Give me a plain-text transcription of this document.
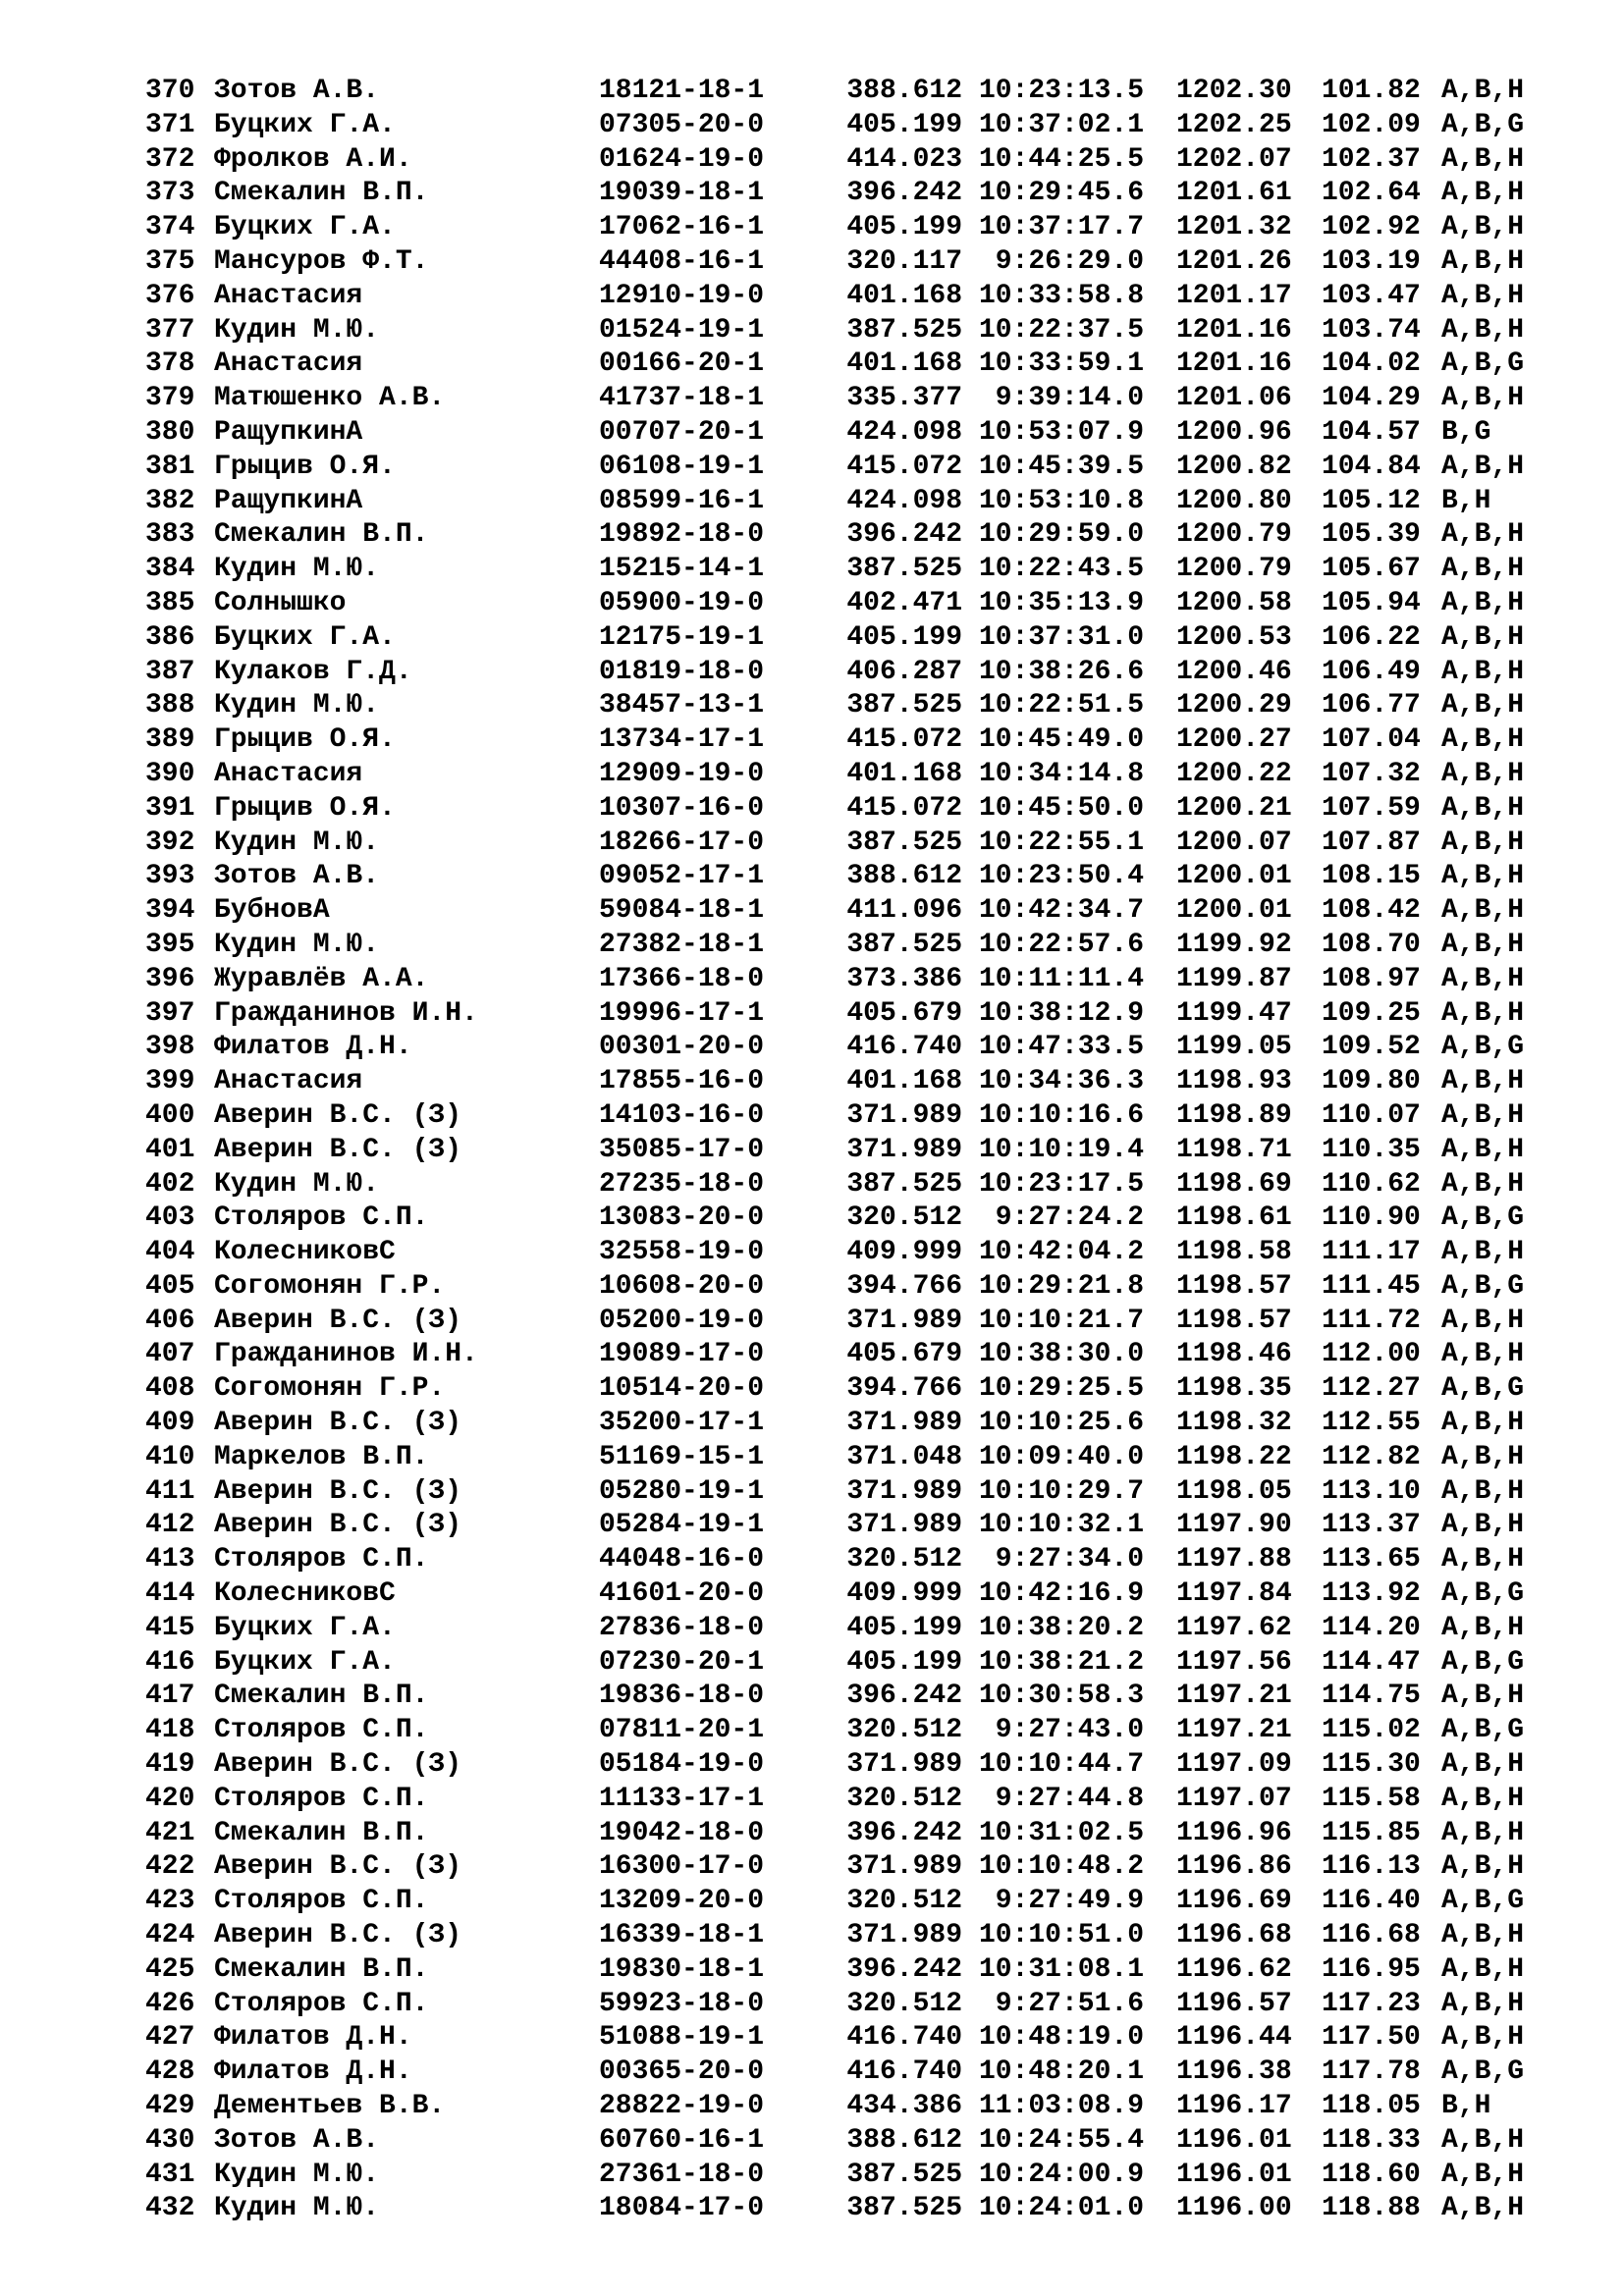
370 Зотов А.В.	18121-18-1	388.612 10:23:13.5 1202.30 101.82 A,B,H
371 Буцких Г.А.	07305-20-0	405.199 10:37:02.1 1202.25 102.09 A,B,G
372 Фролков А.И.	01624-19-0	414.023 10:44:25.5 1202.07 102.37 A,B,H
373 Смекалин В.П.	19039-18-1	396.242 10:29:45.6 1201.61 102.64 A,B,H
374 Буцких Г.А.	17062-16-1	405.199 10:37:17.7 1201.32 102.92 A,B,H
375 Мансуров Ф.Т.	44408-16-1	320.117	9:26:29.0 1201.26 103.19 A,B,H
376 Анастасия	12910-19-0	401.168 10:33:58.8 1201.17 103.47 A,B,H
377 Кудин М.Ю.	01524-19-1	387.525 10:22:37.5 1201.16 103.74 A,B,H
378 Анастасия	00166-20-1	401.168 10:33:59.1 1201.16 104.02 A,B,G
379 Матюшенко А.В.	41737-18-1	335.377	9:39:14.0 1201.06 104.29 A,B,H
380 РащупкинА	00707-20-1	424.098 10:53:07.9 1200.96 104.57 B,G
381 Грыцив О.Я.	06108-19-1	415.072 10:45:39.5 1200.82 104.84 A,B,H
382 РащупкинА	08599-16-1	424.098 10:53:10.8 1200.80 105.12 B,H
383 Смекалин В.П.	19892-18-0	396.242 10:29:59.0 1200.79 105.39 A,B,H
384 Кудин М.Ю.	15215-14-1	387.525 10:22:43.5 1200.79 105.67 A,B,H
385 Солнышко	05900-19-0	402.471 10:35:13.9 1200.58 105.94 A,B,H
386 Буцких Г.А.	12175-19-1	405.199 10:37:31.0 1200.53 106.22 A,B,H
387 Кулаков Г.Д.	01819-18-0	406.287 10:38:26.6 1200.46 106.49 A,B,H
388 Кудин М.Ю.	38457-13-1	387.525 10:22:51.5 1200.29 106.77 A,B,H
389 Грыцив О.Я.	13734-17-1	415.072 10:45:49.0 1200.27 107.04 A,B,H
390 Анастасия	12909-19-0	401.168 10:34:14.8 1200.22 107.32 A,B,H
391 Грыцив О.Я.	10307-16-0	415.072 10:45:50.0 1200.21 107.59 A,B,H
392 Кудин М.Ю.	18266-17-0	387.525 10:22:55.1 1200.07 107.87 A,B,H
393 Зотов А.В.	09052-17-1	388.612 10:23:50.4 1200.01 108.15 A,B,H
394 БубновА	59084-18-1	411.096 10:42:34.7 1200.01 108.42 A,B,H
395 Кудин М.Ю.	27382-18-1	387.525 10:22:57.6 1199.92 108.70 A,B,H
396 Журавлёв А.А.	17366-18-0	373.386 10:11:11.4 1199.87 108.97 A,B,H
397 Гражданинов И.Н.	19996-17-1	405.679 10:38:12.9 1199.47 109.25 A,B,H
398 Филатов Д.Н.	00301-20-0	416.740 10:47:33.5 1199.05 109.52 A,B,G
399 Анастасия	17855-16-0	401.168 10:34:36.3 1198.93 109.80 A,B,H
400 Аверин В.С. (З)	14103-16-0	371.989 10:10:16.6 1198.89 110.07 A,B,H
401 Аверин В.С. (З)	35085-17-0	371.989 10:10:19.4 1198.71 110.35 A,B,H
402 Кудин М.Ю.	27235-18-0	387.525 10:23:17.5 1198.69 110.62 A,B,H
403 Столяров С.П.	13083-20-0	320.512	9:27:24.2 1198.61 110.90 A,B,G
404 КолесниковС	32558-19-0	409.999 10:42:04.2 1198.58 111.17 A,B,H
405 Согомонян Г.Р.	10608-20-0	394.766 10:29:21.8 1198.57 111.45 A,B,G
406 Аверин В.С. (З)	05200-19-0	371.989 10:10:21.7 1198.57 111.72 A,B,H
407 Гражданинов И.Н.	19089-17-0	405.679 10:38:30.0 1198.46 112.00 A,B,H
408 Согомонян Г.Р.	10514-20-0	394.766 10:29:25.5 1198.35 112.27 A,B,G
409 Аверин В.С. (З)	35200-17-1	371.989 10:10:25.6 1198.32 112.55 A,B,H
410 Маркелов В.П.	51169-15-1	371.048 10:09:40.0 1198.22 112.82 A,B,H
411 Аверин В.С. (З)	05280-19-1	371.989 10:10:29.7 1198.05 113.10 A,B,H
412 Аверин В.С. (З)	05284-19-1	371.989 10:10:32.1 1197.90 113.37 A,B,H
413 Столяров С.П.	44048-16-0	320.512	9:27:34.0 1197.88 113.65 A,B,H
414 КолесниковС	41601-20-0	409.999 10:42:16.9 1197.84 113.92 A,B,G
415 Буцких Г.А.	27836-18-0	405.199 10:38:20.2 1197.62 114.20 A,B,H
416 Буцких Г.А.	07230-20-1	405.199 10:38:21.2 1197.56 114.47 A,B,G
417 Смекалин В.П.	19836-18-0	396.242 10:30:58.3 1197.21 114.75 A,B,H
418 Столяров С.П.	07811-20-1	320.512	9:27:43.0 1197.21 115.02 A,B,G
419 Аверин В.С. (З)	05184-19-0	371.989 10:10:44.7 1197.09 115.30 A,B,H
420 Столяров С.П.	11133-17-1	320.512	9:27:44.8 1197.07 115.58 A,B,H
421 Смекалин В.П.	19042-18-0	396.242 10:31:02.5 1196.96 115.85 A,B,H
422 Аверин В.С. (З)	16300-17-0	371.989 10:10:48.2 1196.86 116.13 A,B,H
423 Столяров С.П.	13209-20-0	320.512	9:27:49.9 1196.69 116.40 A,B,G
424 Аверин В.С. (З)	16339-18-1	371.989 10:10:51.0 1196.68 116.68 A,B,H
425 Смекалин В.П.	19830-18-1	396.242 10:31:08.1 1196.62 116.95 A,B,H
426 Столяров С.П.	59923-18-0	320.512	9:27:51.6 1196.57 117.23 A,B,H
427 Филатов Д.Н.	51088-19-1	416.740 10:48:19.0 1196.44 117.50 A,B,H
428 Филатов Д.Н.	00365-20-0	416.740 10:48:20.1 1196.38 117.78 A,B,G
429 Дементьев В.В.	28822-19-0	434.386 11:03:08.9 1196.17 118.05 B,H
430 Зотов А.В.	60760-16-1	388.612 10:24:55.4 1196.01 118.33 A,B,H
431 Кудин М.Ю.	27361-18-0	387.525 10:24:00.9 1196.01 118.60 A,B,H
432 Кудин М.Ю.	18084-17-0	387.525 10:24:01.0 1196.00 118.88 A,B,H
